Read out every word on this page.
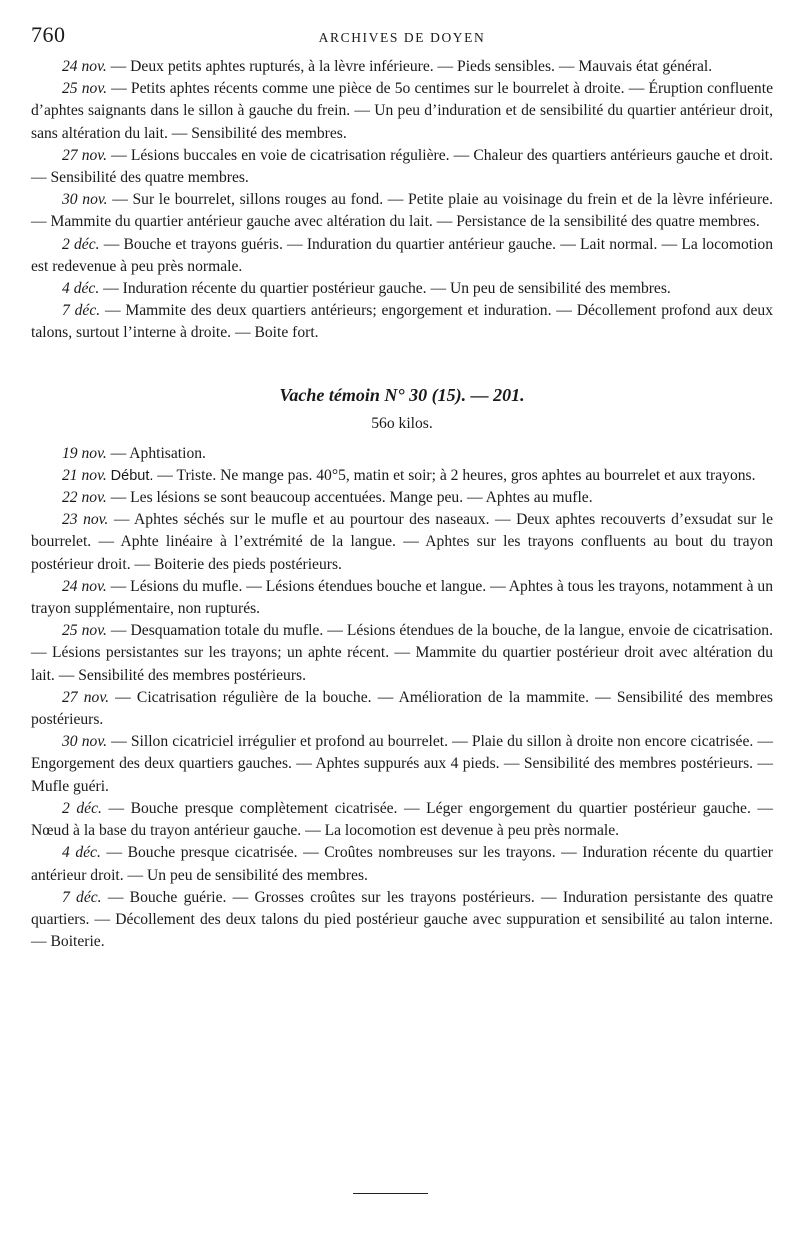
760	ARCHIVES DE DOYEN

24 nov. — Deux petits aphtes rupturés, à la lèvre inférieure. — Pieds sensibles. — Mauvais état général.

25 nov. — Petits aphtes récents comme une pièce de 5o centimes sur le bourrelet à droite. — Éruption confluente d’aphtes saignants dans le sillon à gauche du frein. — Un peu d’induration et de sensibilité du quartier antérieur droit, sans altération du lait. — Sensibilité des membres.

27 nov. — Lésions buccales en voie de cicatrisation régulière. — Chaleur des quartiers antérieurs gauche et droit. — Sensibilité des quatre membres.

30 nov. — Sur le bourrelet, sillons rouges au fond. — Petite plaie au voisinage du frein et de la lèvre inférieure. — Mammite du quartier antérieur gauche avec altération du lait. — Persistance de la sensibilité des quatre membres.

2 déc. — Bouche et trayons guéris. — Induration du quartier antérieur gauche. — Lait normal. — La locomotion est redevenue à peu près normale.

4 déc. — Induration récente du quartier postérieur gauche. — Un peu de sensibilité des membres.

7 déc. — Mammite des deux quartiers antérieurs; engorgement et induration. — Décollement profond aux deux talons, surtout l’interne à droite. — Boite fort.

Vache témoin N° 30 (15). — 201.
56o kilos.

19 nov. — Aphtisation.

21 nov. Début. — Triste. Ne mange pas. 40°5, matin et soir; à 2 heures, gros aphtes au bourrelet et aux trayons.

22 nov. — Les lésions se sont beaucoup accentuées. Mange peu. — Aphtes au mufle.

23 nov. — Aphtes séchés sur le mufle et au pourtour des naseaux. — Deux aphtes recouverts d’exsudat sur le bourrelet. — Aphte linéaire à l’extrémité de la langue. — Aphtes sur les trayons confluents au bout du trayon postérieur droit. — Boiterie des pieds postérieurs.

24 nov. — Lésions du mufle. — Lésions étendues bouche et langue. — Aphtes à tous les trayons, notamment à un trayon supplémentaire, non rupturés.

25 nov. — Desquamation totale du mufle. — Lésions étendues de la bouche, de la langue, envoie de cicatrisation. — Lésions persistantes sur les trayons; un aphte récent. — Mammite du quartier postérieur droit avec altération du lait. — Sensibilité des membres postérieurs.

27 nov. — Cicatrisation régulière de la bouche. — Amélioration de la mammite. — Sensibilité des membres postérieurs.

30 nov. — Sillon cicatriciel irrégulier et profond au bourrelet. — Plaie du sillon à droite non encore cicatrisée. — Engorgement des deux quartiers gauches. — Aphtes suppurés aux 4 pieds. — Sensibilité des membres postérieurs. — Mufle guéri.

2 déc. — Bouche presque complètement cicatrisée. — Léger engorgement du quartier postérieur gauche. — Nœud à la base du trayon antérieur gauche. — La locomotion est devenue à peu près normale.

4 déc. — Bouche presque cicatrisée. — Croûtes nombreuses sur les trayons. — Induration récente du quartier antérieur droit. — Un peu de sensibilité des membres.

7 déc. — Bouche guérie. — Grosses croûtes sur les trayons postérieurs. — Induration persistante des quatre quartiers. — Décollement des deux talons du pied postérieur gauche avec suppuration et sensibilité au talon interne. — Boiterie.
